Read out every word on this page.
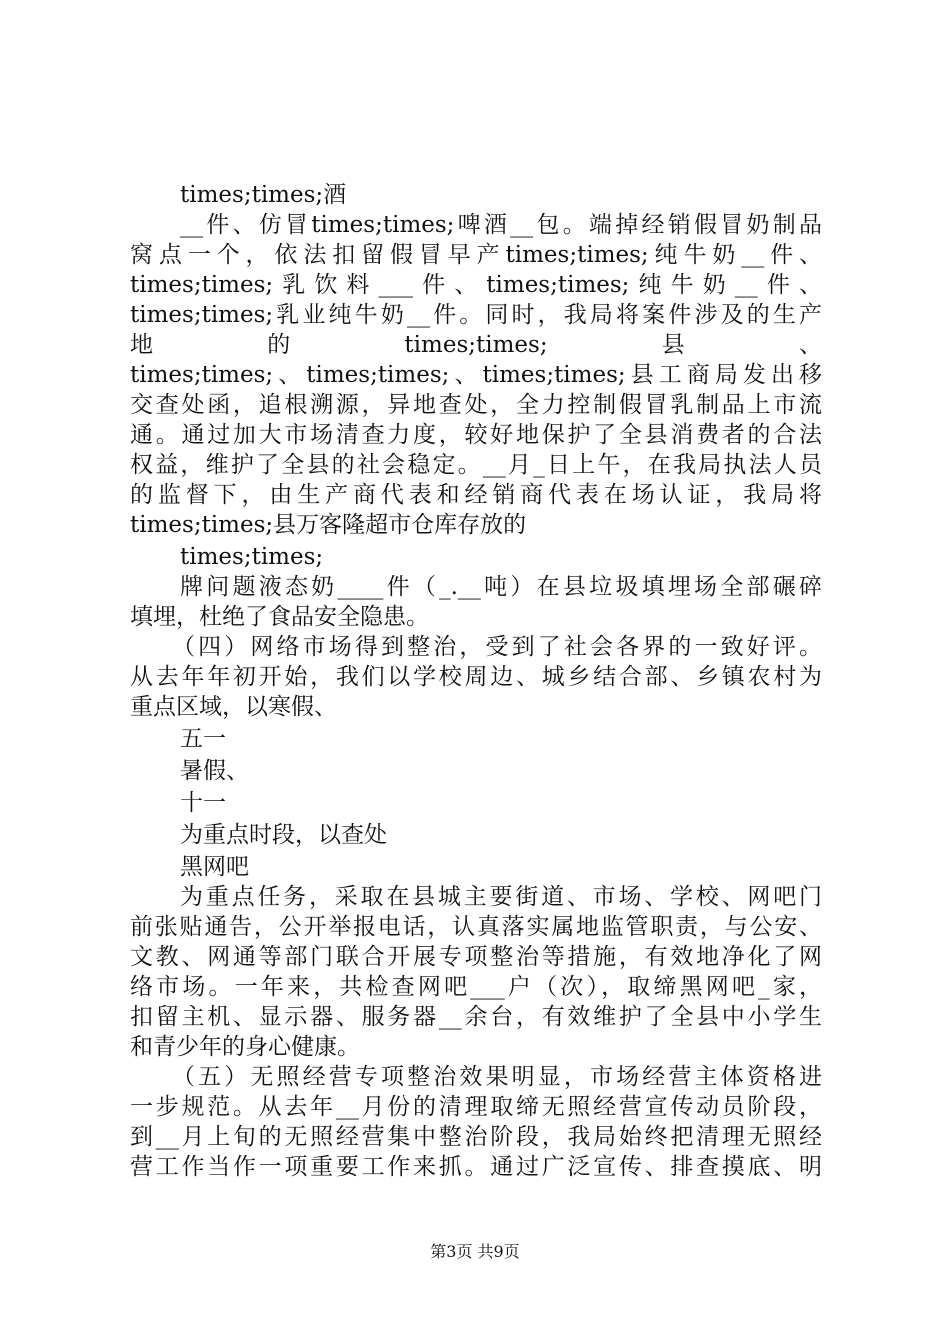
times;times;酒
__件、仿冒times;times;啤酒__包。端掉经销假冒奶制品
窝点一个，依法扣留假冒早产times;times;纯牛奶__件、
times;times;乳饮料___件、times;times;纯牛奶__件、
times;times;乳业纯牛奶__件。同时，我局将案件涉及的生产
地的times;times;县、
times;times;、times;times;、times;times;县工商局发出移
交查处函，追根溯源，异地查处，全力控制假冒乳制品上市流
通。通过加大市场清查力度，较好地保护了全县消费者的合法
权益，维护了全县的社会稳定。__月_日上午，在我局执法人员
的监督下，由生产商代表和经销商代表在场认证，我局将
times;times;县万客隆超市仓库存放的
times;times;
牌问题液态奶____件（_.__吨）在县垃圾填埋场全部碾碎
填埋，杜绝了食品安全隐患。
（四）网络市场得到整治，受到了社会各界的一致好评。
从去年年初开始，我们以学校周边、城乡结合部、乡镇农村为
重点区域，以寒假、
五一
暑假、
十一
为重点时段，以查处
黑网吧
为重点任务，采取在县城主要街道、市场、学校、网吧门
前张贴通告，公开举报电话，认真落实属地监管职责，与公安、
文教、网通等部门联合开展专项整治等措施，有效地净化了网
络市场。一年来，共检查网吧___户（次），取缔黑网吧_家，
扣留主机、显示器、服务器__余台，有效维护了全县中小学生
和青少年的身心健康。
（五）无照经营专项整治效果明显，市场经营主体资格进
一步规范。从去年__月份的清理取缔无照经营宣传动员阶段，
到__月上旬的无照经营集中整治阶段，我局始终把清理无照经
营工作当作一项重要工作来抓。通过广泛宣传、排查摸底、明
第3页 共9页
